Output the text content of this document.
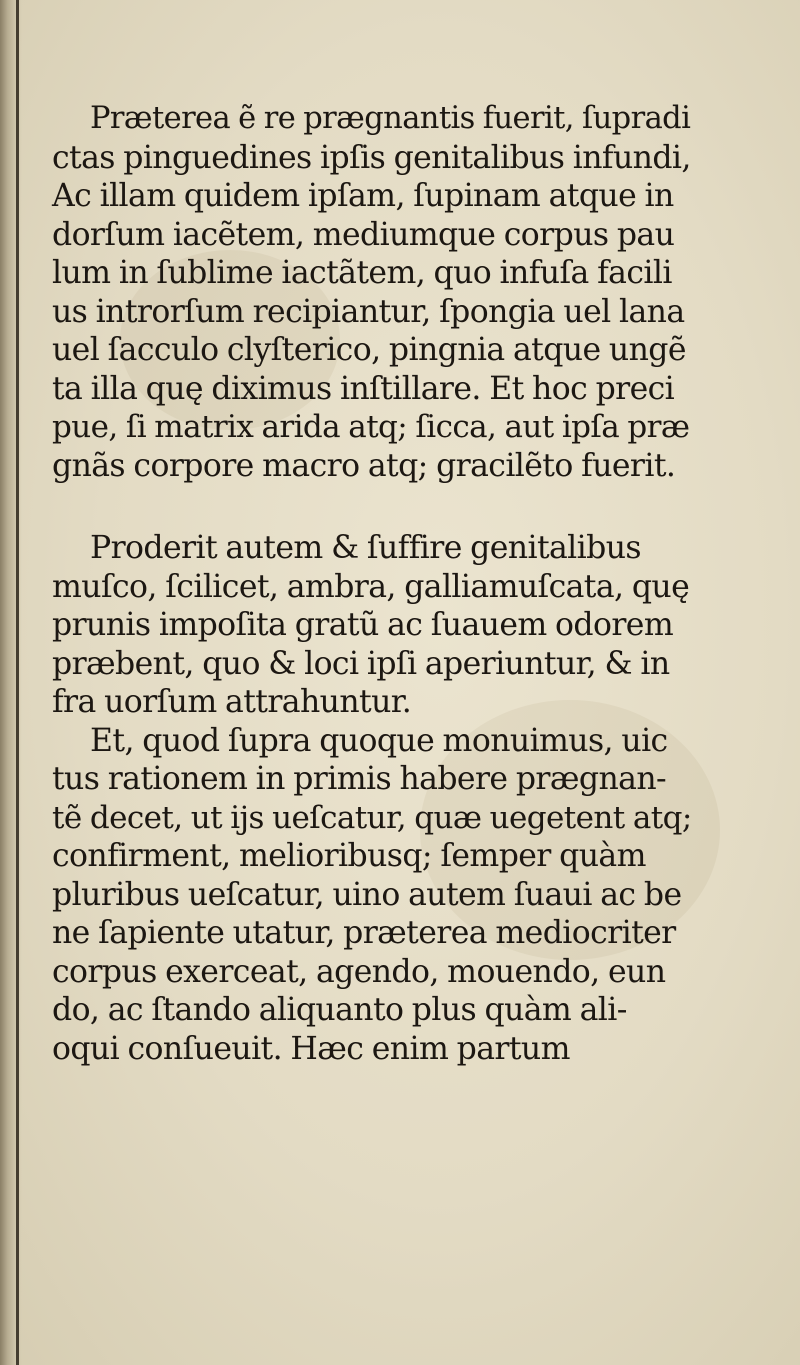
Præterea ẽ re prægnantis fuerit, ſupradi
ctas pinguedines ipſis genitalibus infundi,
Ac illam quidem ipſam, ſupinam atque in
dorſum iacẽtem, mediumque corpus pau
lum in ſublime iactãtem, quo infuſa facili
us introrſum recipiantur, ſpongia uel lana
uel ſacculo clyſterico, pingnia atque ungẽ
ta illa quę diximus inſtillare. Et hoc preci
pue, ſi matrix arida atq; ſicca, aut ipſa præ
gnãs corpore macro atq; gracilẽto fuerit.
Proderit autem & ſuffire genitalibus
muſco, ſcilicet, ambra, galliamuſcata, quę
prunis impoſita gratũ ac ſuauem odorem
præbent, quo & loci ipſi aperiuntur, & in
fra uorſum attrahuntur.
Et, quod ſupra quoque monuimus, uic
tus rationem in primis habere prægnan-
tẽ decet, ut ijs ueſcatur, quæ uegetent atq;
confirment, melioribusq; ſemper quàm
pluribus ueſcatur, uino autem ſuaui ac be
ne ſapiente utatur, præterea mediocriter
corpus exerceat, agendo, mouendo, eun
do, ac ſtando aliquanto plus quàm ali-
oqui conſueuit. Hæc enim partum
